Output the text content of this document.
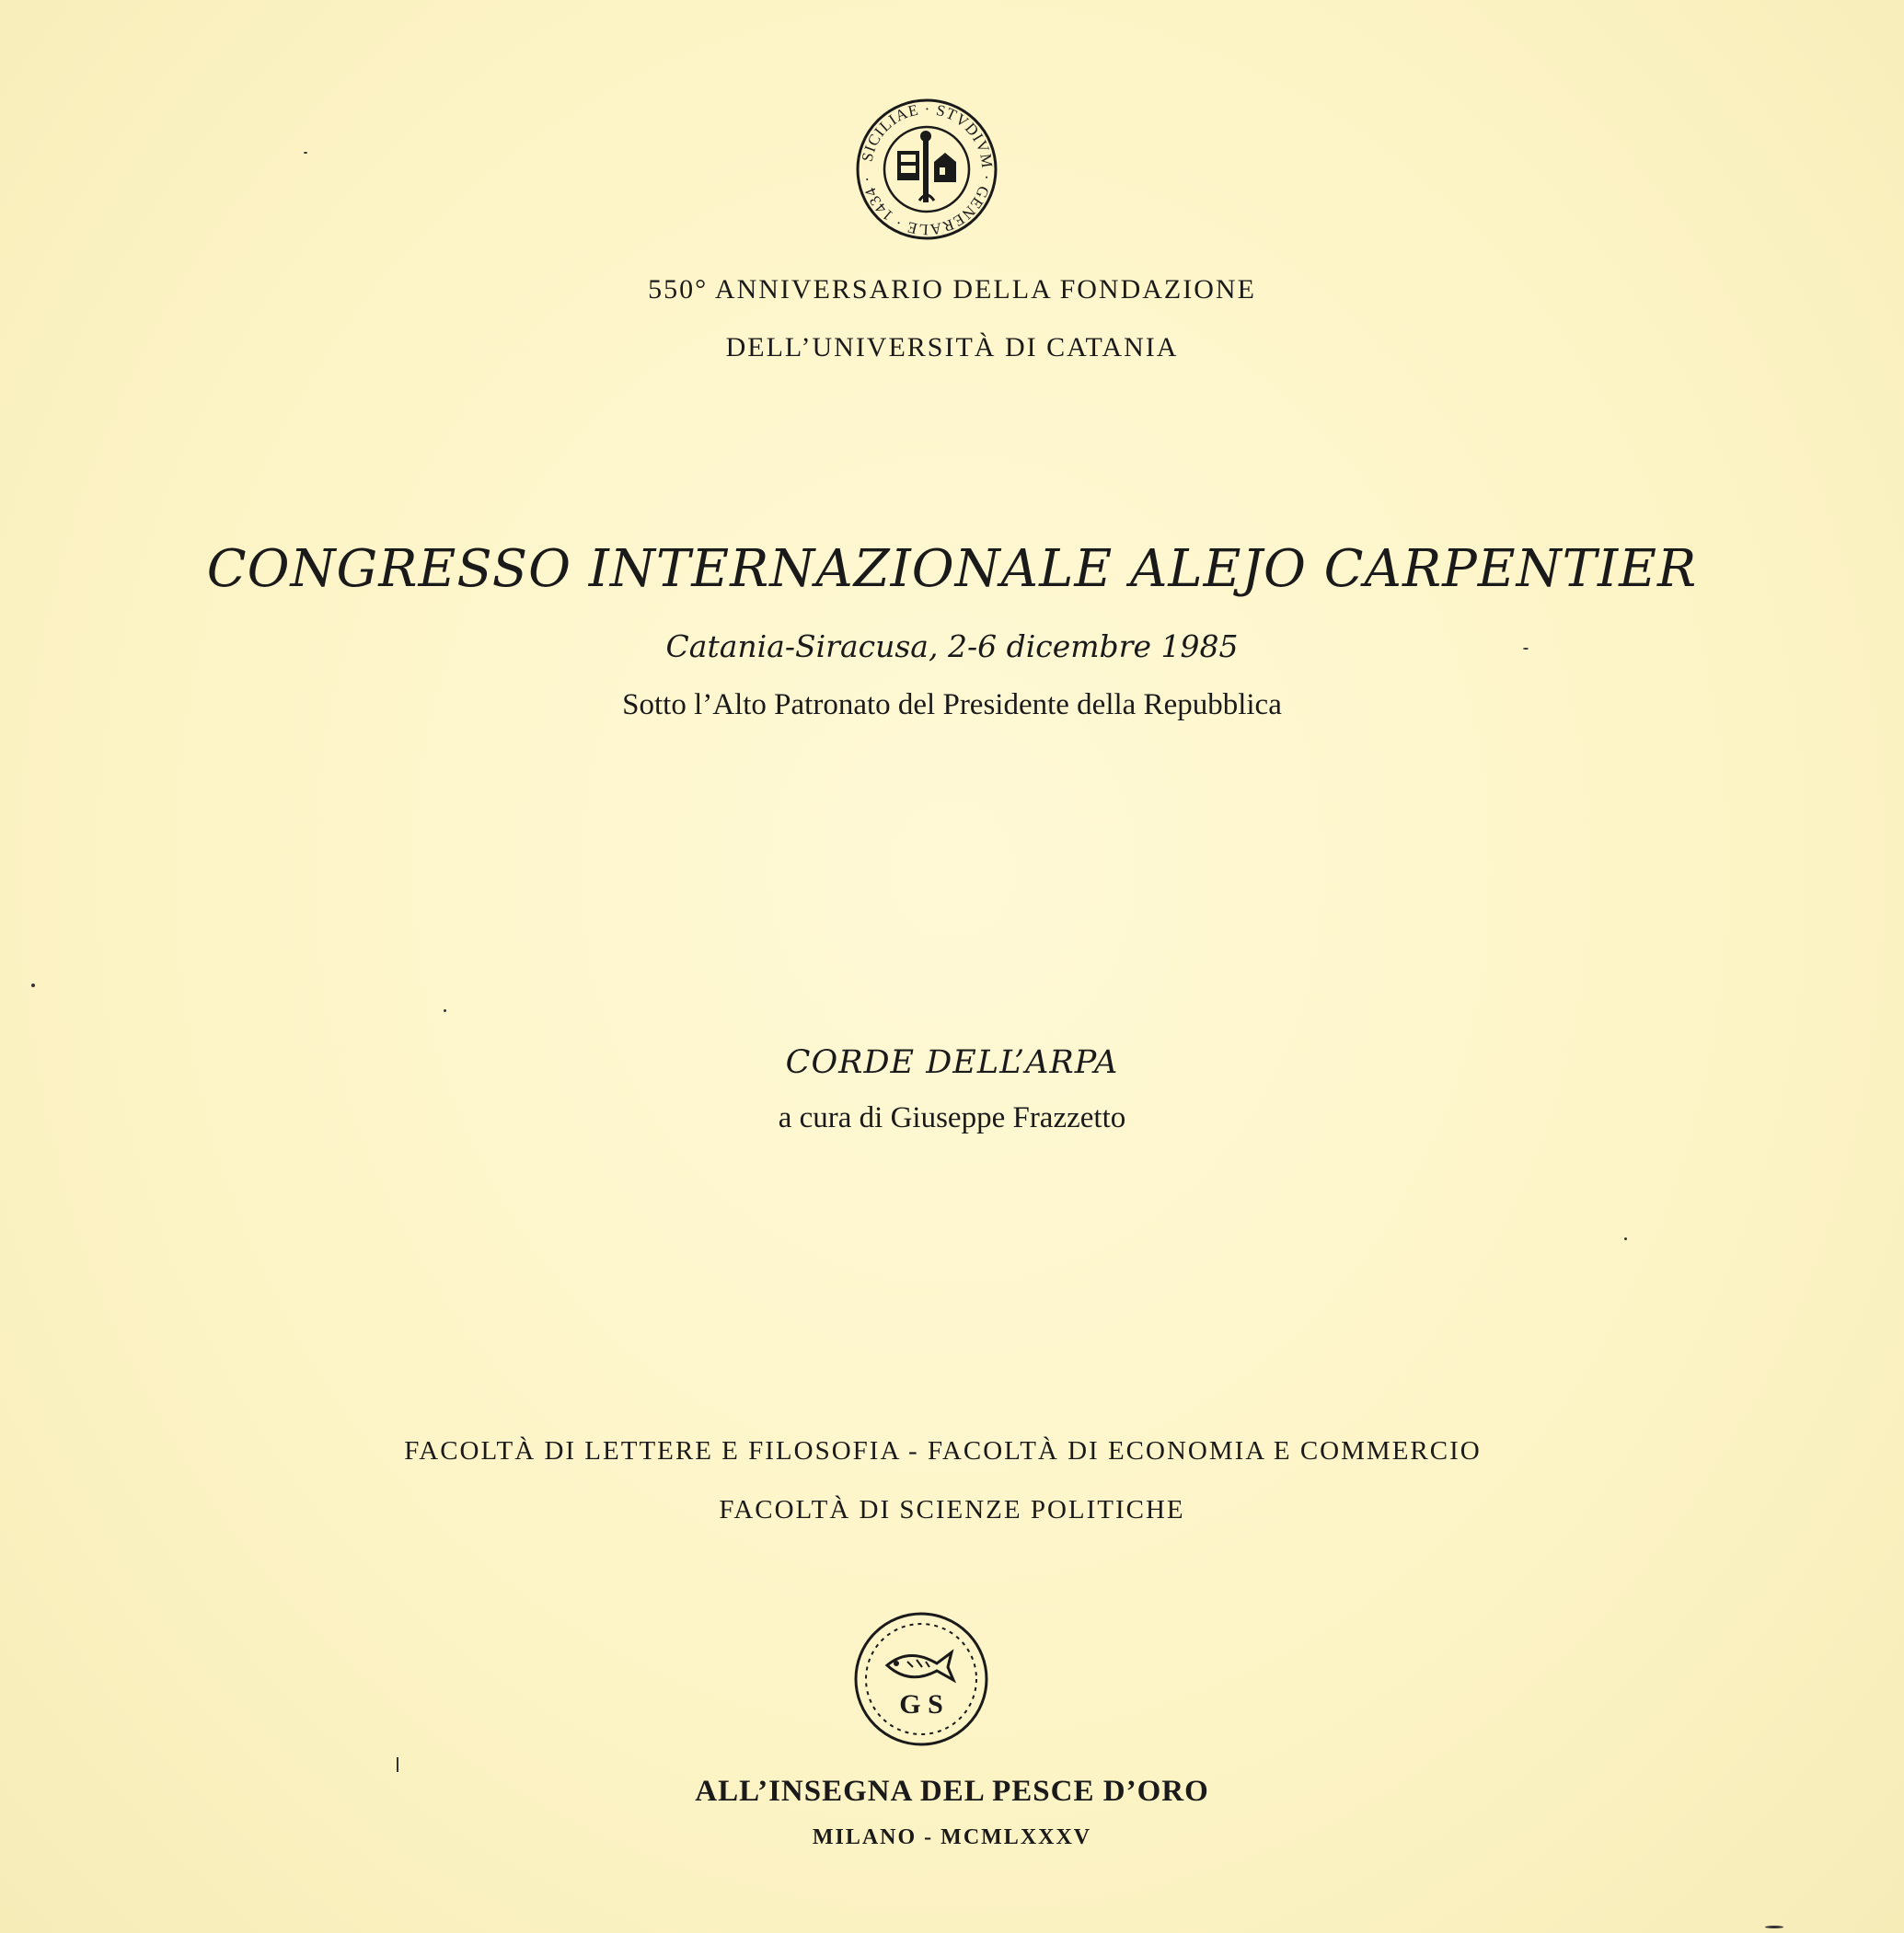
SICILIAE · STVDIVM · GENERALE · 1434 ·
550° ANNIVERSARIO DELLA FONDAZIONE
DELL’UNIVERSITÀ DI CATANIA
CONGRESSO INTERNAZIONALE ALEJO CARPENTIER
Catania-Siracusa, 2-6 dicembre 1985
Sotto l’Alto Patronato del Presidente della Repubblica
CORDE DELL’ARPA
a cura di Giuseppe Frazzetto
FACOLTÀ DI LETTERE E FILOSOFIA - FACOLTÀ DI ECONOMIA E COMMERCIO
FACOLTÀ DI SCIENZE POLITICHE
G S
ALL’INSEGNA DEL PESCE D’ORO
MILANO - MCMLXXXV
